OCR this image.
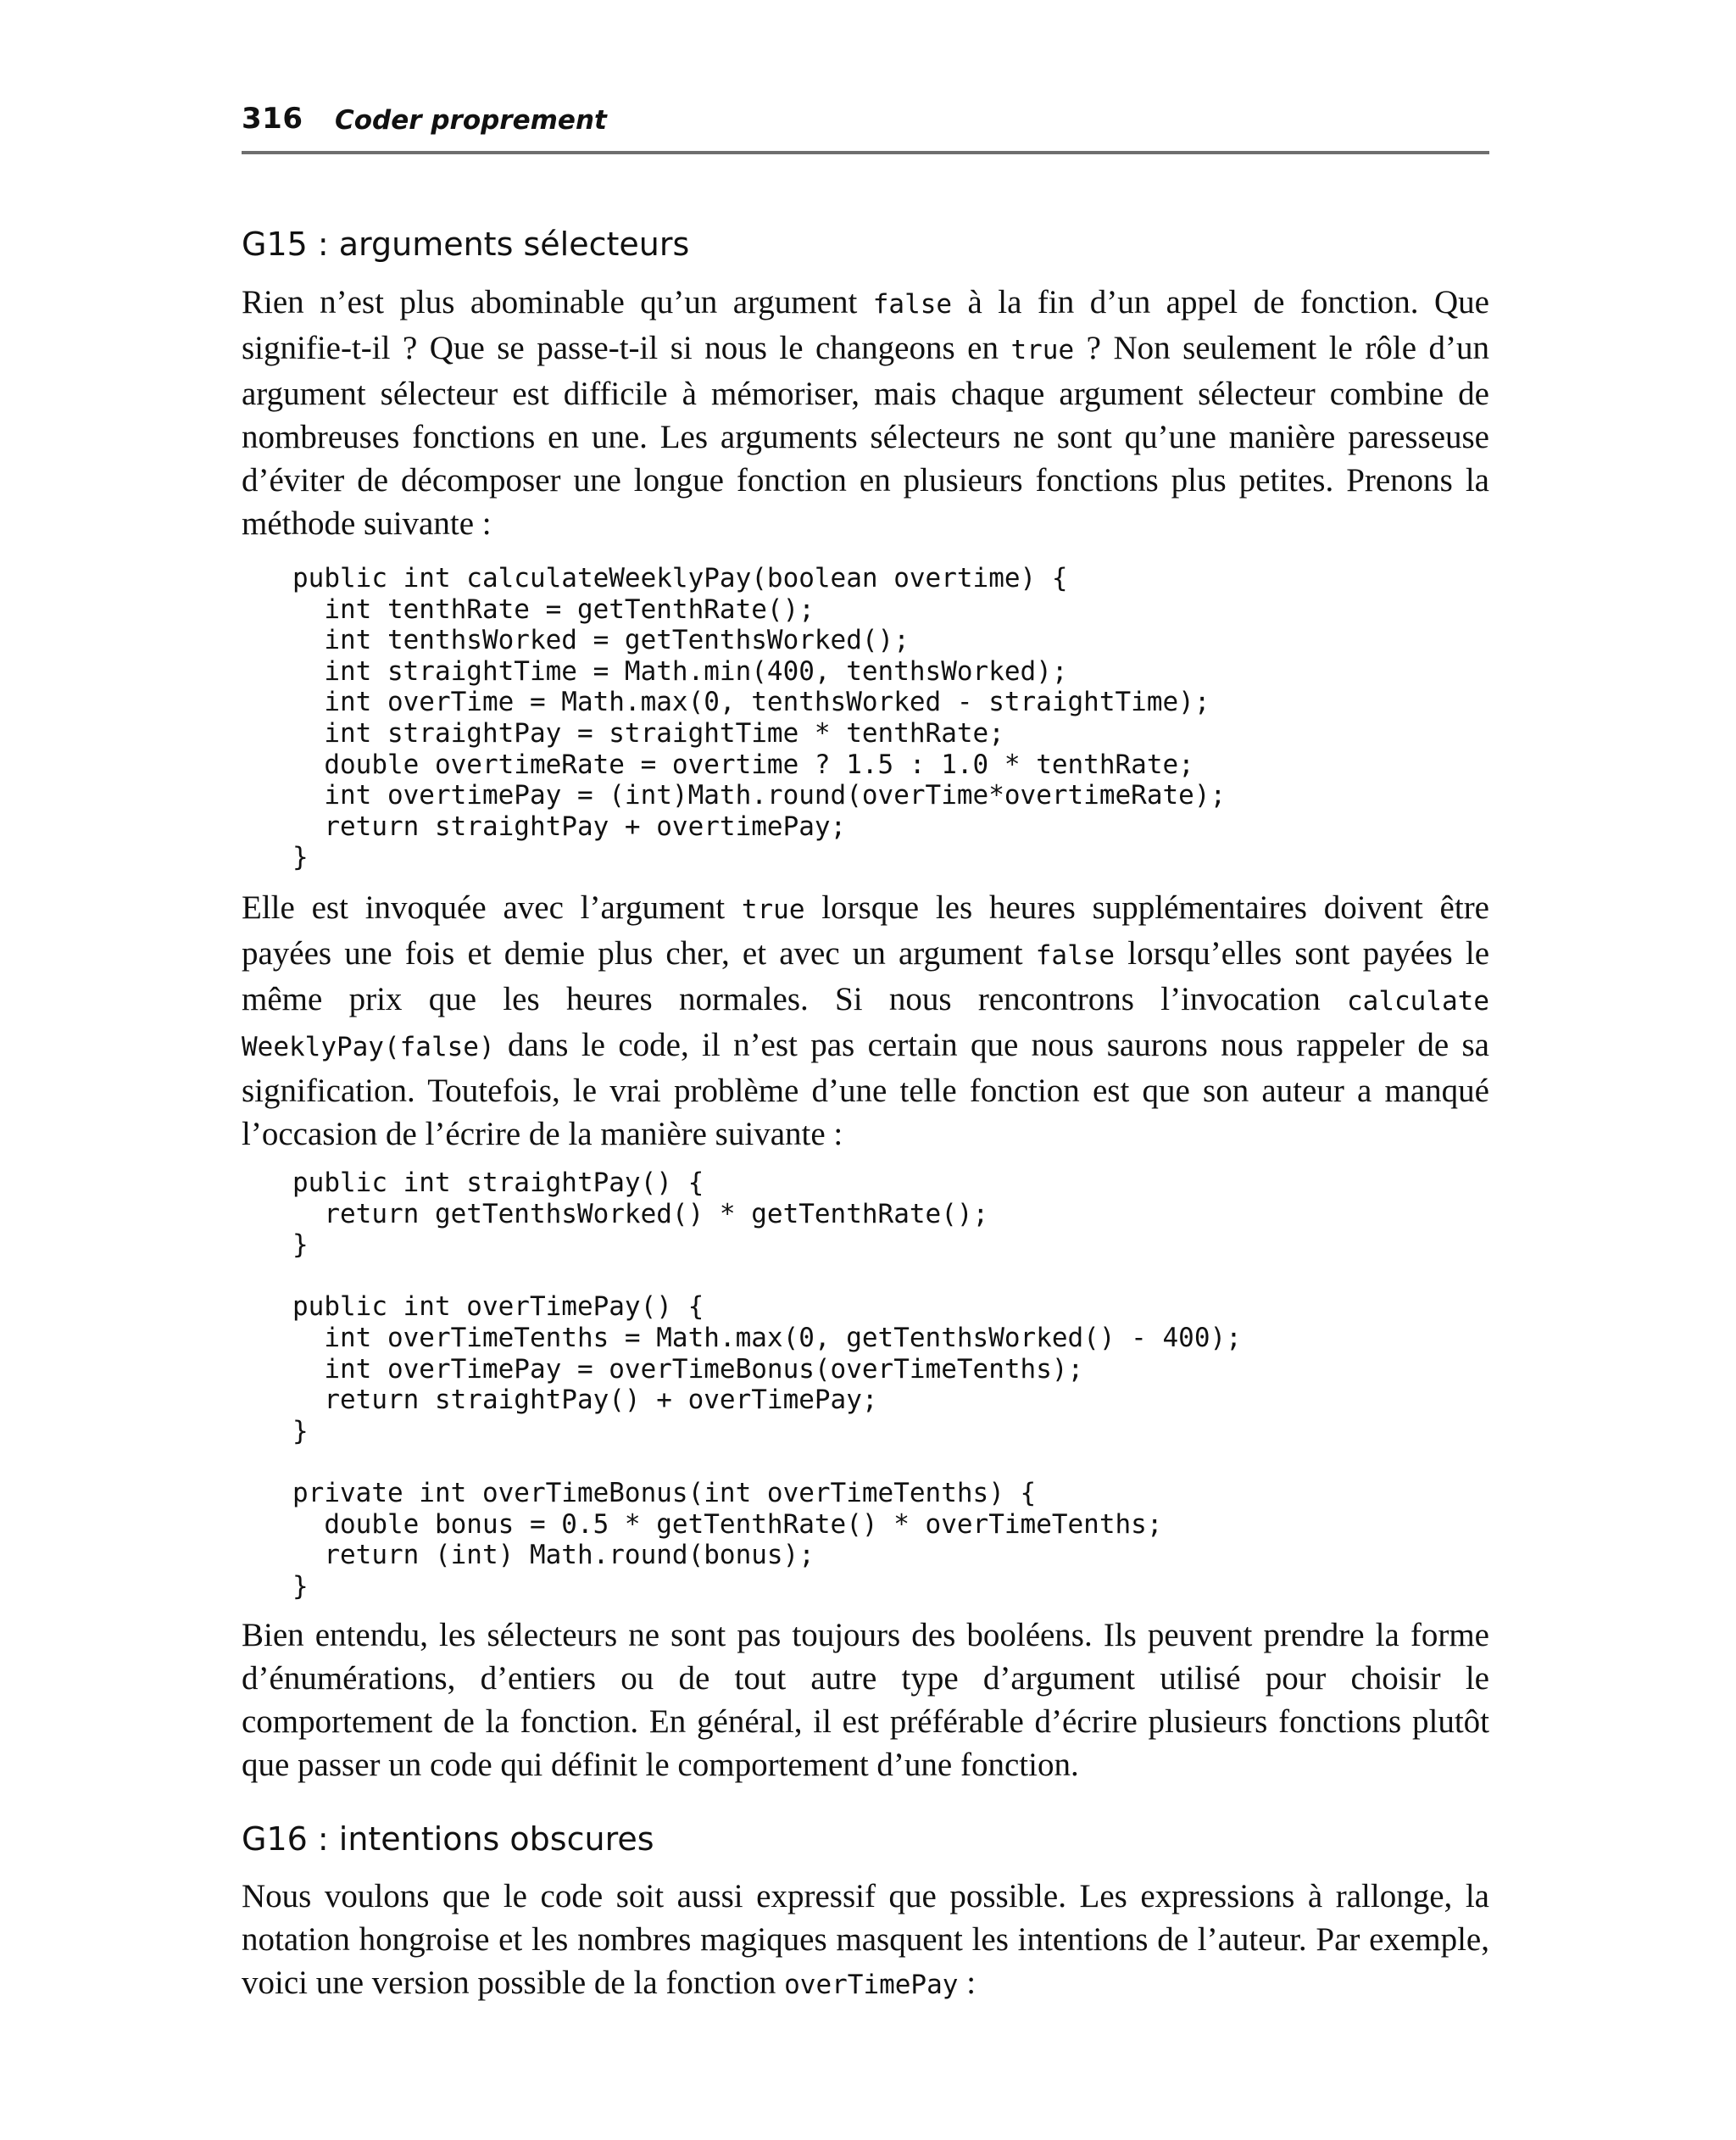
316 Coder proprement
G15 : arguments sélecteurs

Rien n’est plus abominable qu’un argument false à la fin d’un appel de fonction. Que signifie-t-il ? Que se passe-t-il si nous le changeons en true ? Non seulement le rôle d’un argument sélecteur est difficile à mémoriser, mais chaque argument sélecteur combine de nombreuses fonctions en une. Les arguments sélecteurs ne sont qu’une manière paresseuse d’éviter de décomposer une longue fonction en plusieurs fonctions plus petites. Prenons la méthode suivante :

public int calculateWeeklyPay(boolean overtime) {
int tenthRate = getTenthRate();
int tenthsWorked = getTenthsWorked();
int straightTime = Math.min(400, tenthsWorked);
int overTime = Math.max(0, tenthsWorked - straightTime);
int straightPay = straightTime * tenthRate;
double overtimeRate = overtime ? 1.5 : 1.0 * tenthRate;
int overtimePay = (int)Math.round(overTime*overtimeRate);
return straightPay + overtimePay;
}

Elle est invoquée avec l’argument true lorsque les heures supplémentaires doivent être payées une fois et demie plus cher, et avec un argument false lorsqu’elles sont payées le même prix que les heures normales. Si nous rencontrons l’invocation calculate WeeklyPay(false) dans le code, il n’est pas certain que nous saurons nous rappeler de sa signification. Toutefois, le vrai problème d’une telle fonction est que son auteur a manqué l’occasion de l’écrire de la manière suivante :

public int straightPay() {
return getTenthsWorked() * getTenthRate();
}

public int overTimePay() {
int overTimeTenths = Math.max(0, getTenthsWorked() - 400);
int overTimePay = overTimeBonus(overTimeTenths);
return straightPay() + overTimePay;
}

private int overTimeBonus(int overTimeTenths) {
double bonus = 0.5 * getTenthRate() * overTimeTenths;
return (int) Math.round(bonus);
}

Bien entendu, les sélecteurs ne sont pas toujours des booléens. Ils peuvent prendre la forme d’énumérations, d’entiers ou de tout autre type d’argument utilisé pour choisir le comportement de la fonction. En général, il est préférable d’écrire plusieurs fonctions plutôt que passer un code qui définit le comportement d’une fonction.

G16 : intentions obscures

Nous voulons que le code soit aussi expressif que possible. Les expressions à rallonge, la notation hongroise et les nombres magiques masquent les intentions de l’auteur. Par exemple, voici une version possible de la fonction overTimePay :
